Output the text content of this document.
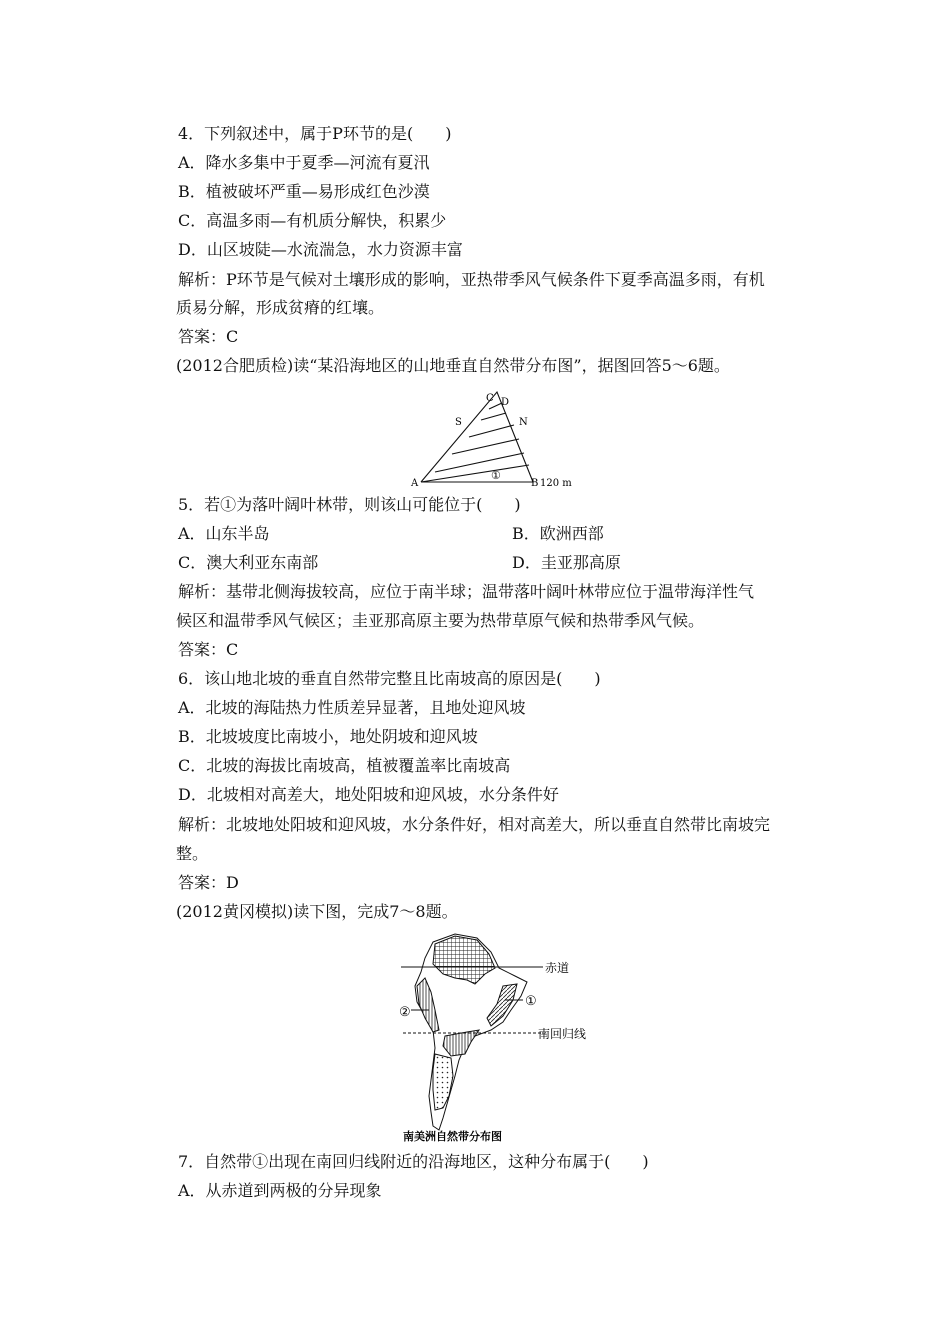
4．下列叙述中，属于P环节的是(　　)
A．降水多集中于夏季—河流有夏汛
B．植被破坏严重—易形成红色沙漠
C．高温多雨—有机质分解快，积累少
D．山区坡陡—水流湍急，水力资源丰富
解析：P环节是气候对土壤形成的影响，亚热带季风气候条件下夏季高温多雨，有机
质易分解，形成贫瘠的红壤。
答案：C
(2012合肥质检)读“某沿海地区的山地垂直自然带分布图”，据图回答5～6题。
C D
S	N
A	B 120 m
①
5．若①为落叶阔叶林带，则该山可能位于(　　)
A．山东半岛	B．欧洲西部
C．澳大利亚东南部	D．圭亚那高原
解析：基带北侧海拔较高，应位于南半球；温带落叶阔叶林带应位于温带海洋性气
候区和温带季风气候区；圭亚那高原主要为热带草原气候和热带季风气候。
答案：C
6．该山地北坡的垂直自然带完整且比南坡高的原因是(　　)
A．北坡的海陆热力性质差异显著，且地处迎风坡
B．北坡坡度比南坡小，地处阴坡和迎风坡
C．北坡的海拔比南坡高，植被覆盖率比南坡高
D．北坡相对高差大，地处阳坡和迎风坡，水分条件好
解析：北坡地处阳坡和迎风坡，水分条件好，相对高差大，所以垂直自然带比南坡完
整。
答案：D
(2012黄冈模拟)读下图，完成7～8题。
赤道
南回归线
①
②
南美洲自然带分布图
7．自然带①出现在南回归线附近的沿海地区，这种分布属于(　　)
A．从赤道到两极的分异现象
